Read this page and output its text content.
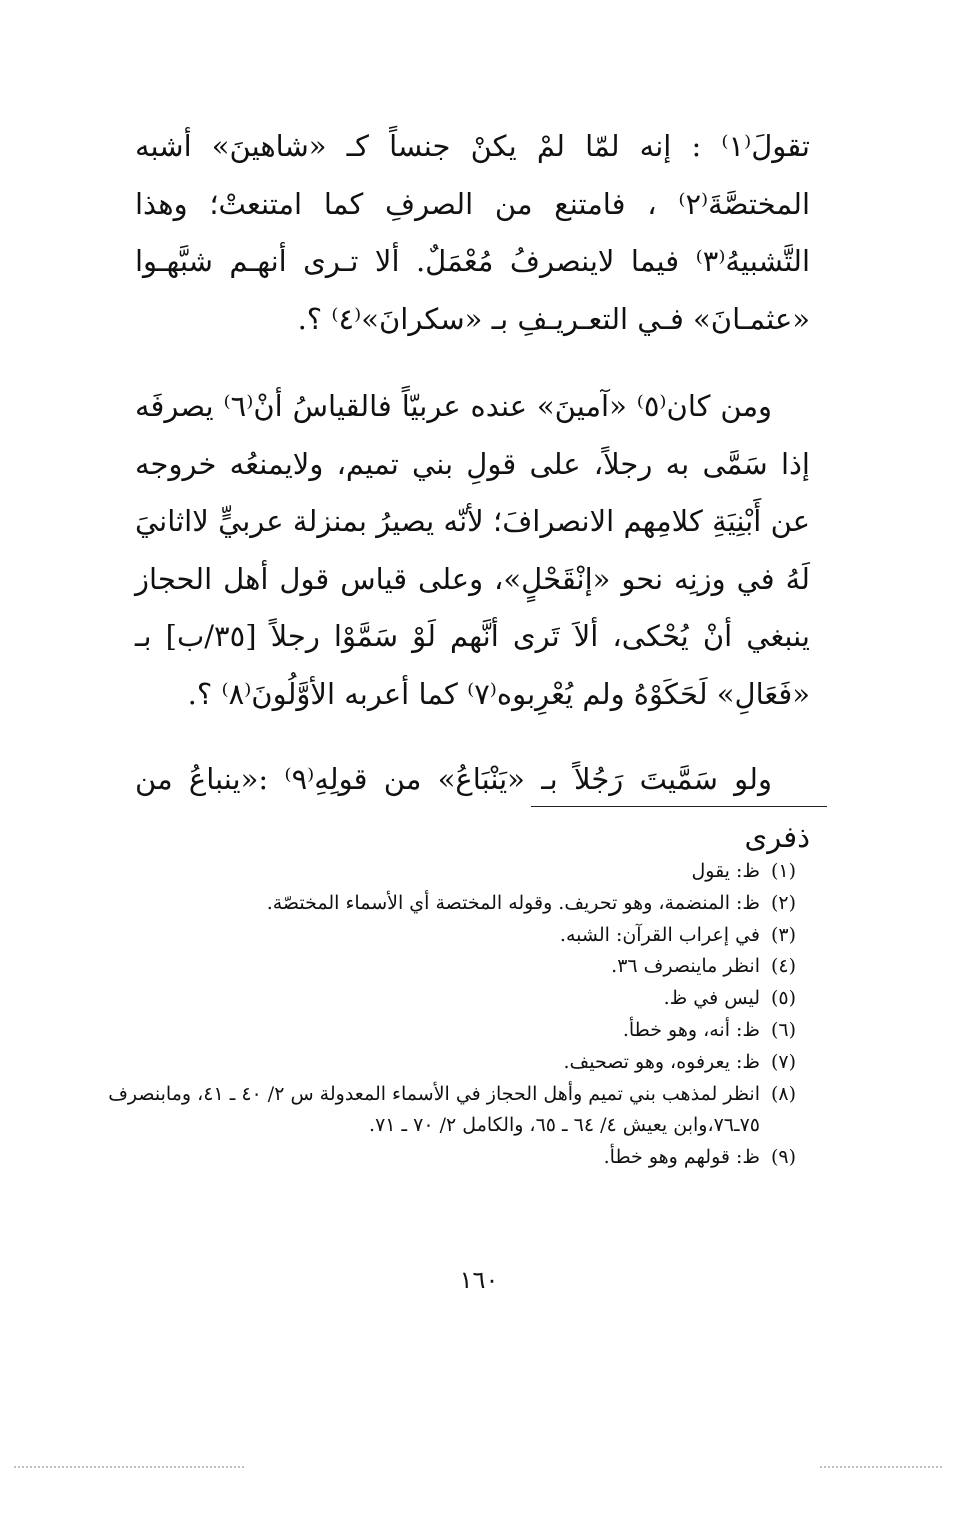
تقولَ⁽١⁾ : إنه لمّا لمْ يكنْ جنساً كـ «شاهينَ» أشبه المختصَّةَ⁽٢⁾ ، فامتنع من الصرفِ كما امتنعتْ؛ وهذا التَّشبيهُ⁽٣⁾ فيما لاينصرفُ مُعْمَلٌ. ألا تـرى أنهـم شبَّهـوا «عثمـانَ» فـي التعـريـفِ بـ «سكرانَ»⁽٤⁾ ؟.

ومن كان⁽٥⁾ «آمينَ» عنده عربيّاً فالقياسُ أنْ⁽٦⁾ يصرفَه إذا سَمَّى به رجلاً، على قولِ بني تميم، ولايمنعُه خروجه عن أَبْنِيَةِ كلامِهم الانصرافَ؛ لأنّه يصيرُ بمنزلة عربيٍّ لااثانيَ لَهُ في وزنِه نحو «إنْقَحْلٍ»، وعلى قياس قول أهل الحجاز ينبغي أنْ يُحْكى، ألاَ تَرى أنَّهم لَوْ سَمَّوْا رجلاً [٣٥/ب] بـ «فَعَالِ» لَحَكَوْهُ ولم يُعْرِبوه⁽٧⁾ كما أعربه الأوَّلُونَ⁽٨⁾ ؟.

ولو سَمَّيتَ رَجُلاً بـ «يَنْبَاعُ» من قولِهِ⁽٩⁾ :«ينباعُ من ذفرى

(١)
ظ: يقول
(٢)
ظ: المنضمة، وهو تحريف. وقوله المختصة أي الأسماء المختصّة.
(٣)
في إعراب القرآن: الشبه.
(٤)
انظر ماينصرف ٣٦.
(٥)
ليس في ظ.
(٦)
ظ: أنه، وهو خطأ.
(٧)
ظ: يعرفوه، وهو تصحيف.
(٨)
انظر لمذهب بني تميم وأهل الحجاز في الأسماء المعدولة س ٢/ ٤٠ ـ ٤١، ومابنصرف ٧٥ـ٧٦،وابن يعيش ٤/ ٦٤ ـ ٦٥، والكامل ٢/ ٧٠ ـ ٧١.
(٩)
ظ: قولهم وهو خطأ.
١٦٠
